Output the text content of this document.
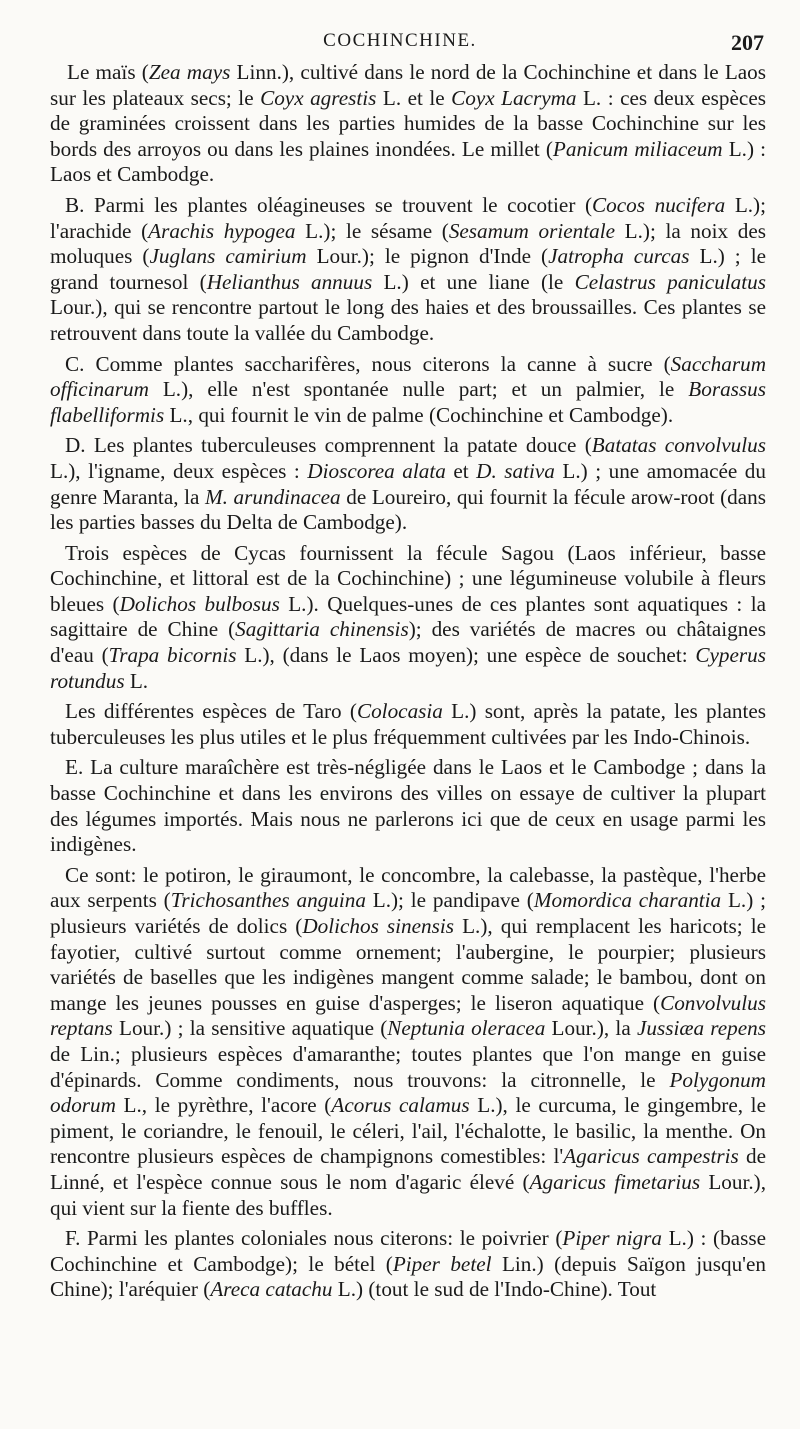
COCHINCHINE.	207

Le maïs (Zea mays Linn.), cultivé dans le nord de la Cochinchine et dans le Laos sur les plateaux secs; le Coyx agrestis L. et le Coyx Lacryma L. : ces deux espèces de graminées croissent dans les parties humides de la basse Cochinchine sur les bords des arroyos ou dans les plaines inondées. Le millet (Panicum miliaceum L.) : Laos et Cambodge.

B. Parmi les plantes oléagineuses se trouvent le cocotier (Cocos nucifera L.); l'arachide (Arachis hypogea L.); le sésame (Sesamum orientale L.); la noix des moluques (Juglans camirium Lour.); le pignon d'Inde (Jatropha curcas L.) ; le grand tournesol (Helianthus annuus L.) et une liane (le Celastrus paniculatus Lour.), qui se rencontre partout le long des haies et des broussailles. Ces plantes se retrouvent dans toute la vallée du Cambodge.

C. Comme plantes saccharifères, nous citerons la canne à sucre (Saccharum officinarum L.), elle n'est spontanée nulle part; et un palmier, le Borassus flabelliformis L., qui fournit le vin de palme (Cochinchine et Cambodge).

D. Les plantes tuberculeuses comprennent la patate douce (Batatas convolvulus L.), l'igname, deux espèces : Dioscorea alata et D. sativa L.) ; une amomacée du genre Maranta, la M. arundinacea de Loureiro, qui fournit la fécule arow-root (dans les parties basses du Delta de Cambodge).

Trois espèces de Cycas fournissent la fécule Sagou (Laos inférieur, basse Cochinchine, et littoral est de la Cochinchine) ; une légumineuse volubile à fleurs bleues (Dolichos bulbosus L.). Quelques-unes de ces plantes sont aquatiques : la sagittaire de Chine (Sagittaria chinensis); des variétés de macres ou châtaignes d'eau (Trapa bicornis L.), (dans le Laos moyen); une espèce de souchet: Cyperus rotundus L.

Les différentes espèces de Taro (Colocasia L.) sont, après la patate, les plantes tuberculeuses les plus utiles et le plus fréquemment cultivées par les Indo-Chinois.

E. La culture maraîchère est très-négligée dans le Laos et le Cambodge ; dans la basse Cochinchine et dans les environs des villes on essaye de cultiver la plupart des légumes importés. Mais nous ne parlerons ici que de ceux en usage parmi les indigènes.

Ce sont: le potiron, le giraumont, le concombre, la calebasse, la pastèque, l'herbe aux serpents (Trichosanthes anguina L.); le pandipave (Momordica charantia L.) ; plusieurs variétés de dolics (Dolichos sinensis L.), qui remplacent les haricots; le fayotier, cultivé surtout comme ornement; l'aubergine, le pourpier; plusieurs variétés de baselles que les indigènes mangent comme salade; le bambou, dont on mange les jeunes pousses en guise d'asperges; le liseron aquatique (Convolvulus reptans Lour.) ; la sensitive aquatique (Neptunia oleracea Lour.), la Jussiæa repens de Lin.; plusieurs espèces d'amaranthe; toutes plantes que l'on mange en guise d'épinards. Comme condiments, nous trouvons: la citronnelle, le Polygonum odorum L., le pyrèthre, l'acore (Acorus calamus L.), le curcuma, le gingembre, le piment, le coriandre, le fenouil, le céleri, l'ail, l'échalotte, le basilic, la menthe. On rencontre plusieurs espèces de champignons comestibles: l'Agaricus campestris de Linné, et l'espèce connue sous le nom d'agaric élevé (Agaricus fimetarius Lour.), qui vient sur la fiente des buffles.

F. Parmi les plantes coloniales nous citerons: le poivrier (Piper nigra L.) : (basse Cochinchine et Cambodge); le bétel (Piper betel Lin.) (depuis Saïgon jusqu'en Chine); l'aréquier (Areca catachu L.) (tout le sud de l'Indo-Chine). Tout
